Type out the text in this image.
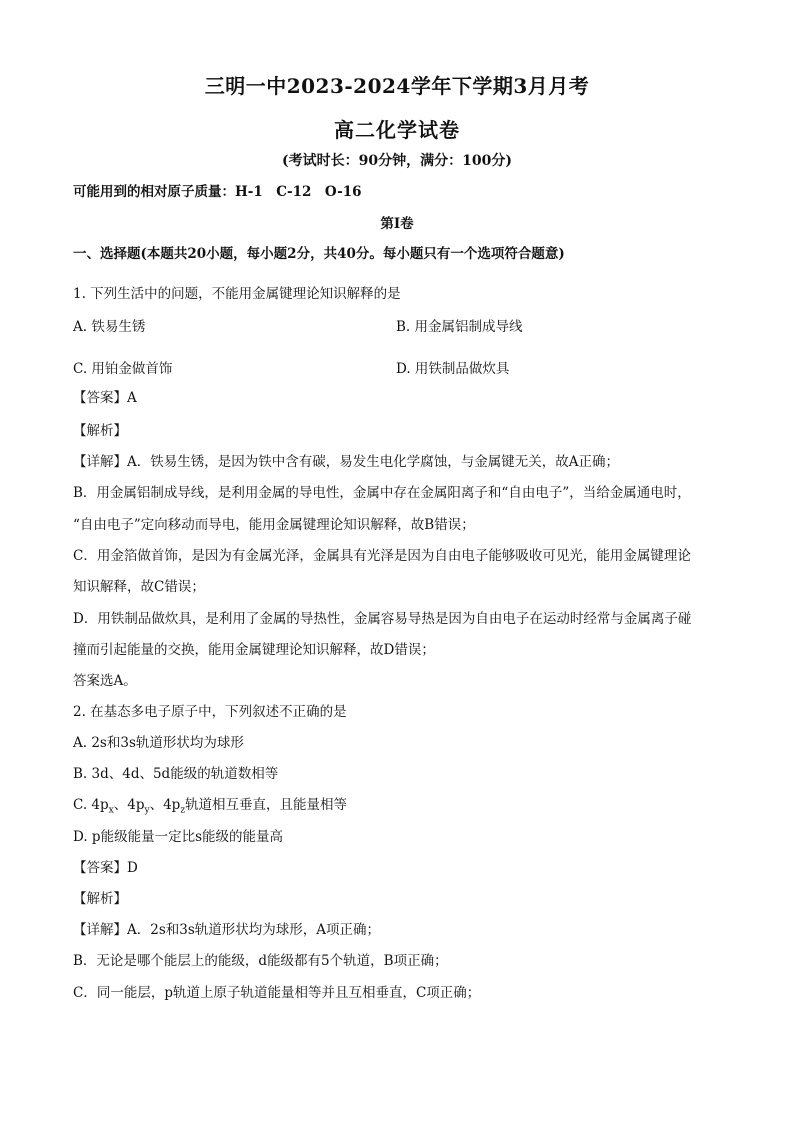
三明一中2023-2024学年下学期3月月考
高二化学试卷
(考试时长：90分钟，满分：100分)
可能用到的相对原子质量：H-1　C-12　O-16
第Ⅰ卷
一、选择题(本题共20小题，每小题2分，共40分。每小题只有一个选项符合题意)
1. 下列生活中的问题，不能用金属键理论知识解释的是
A. 铁易生锈	B. 用金属铝制成导线
C. 用铂金做首饰	D. 用铁制品做炊具
【答案】A
【解析】
【详解】A．铁易生锈，是因为铁中含有碳，易发生电化学腐蚀，与金属键无关，故A正确；
B．用金属铝制成导线，是利用金属的导电性，金属中存在金属阳离子和“自由电子”，当给金属通电时，
“自由电子”定向移动而导电，能用金属键理论知识解释，故B错误；
C．用金箔做首饰，是因为有金属光泽，金属具有光泽是因为自由电子能够吸收可见光，能用金属键理论
知识解释，故C错误；
D．用铁制品做炊具，是利用了金属的导热性，金属容易导热是因为自由电子在运动时经常与金属离子碰
撞而引起能量的交换，能用金属键理论知识解释，故D错误；
答案选A。
2. 在基态多电子原子中，下列叙述不正确的是
A. 2s和3s轨道形状均为球形
B. 3d、4d、5d能级的轨道数相等
C. $4p_x$、$4p_y$、$4p_z$轨道相互垂直，且能量相等
D. p能级能量一定比s能级的能量高
【答案】D
【解析】
【详解】A．2s和3s轨道形状均为球形，A项正确；
B．无论是哪个能层上的能级，d能级都有5个轨道，B项正确；
C．同一能层，p轨道上原子轨道能量相等并且互相垂直，C项正确；
